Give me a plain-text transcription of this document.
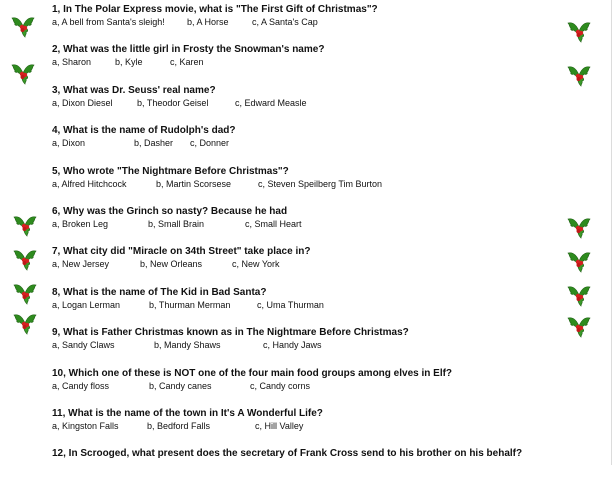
1, In The Polar Express movie, what is "The First Gift of Christmas"?
a, A bell from Santa's sleigh! b, A Horse	c, A Santa's Cap
2, What was the little girl in Frosty the Snowman's name?
a, Sharon	b, Kyle	c, Karen
3, What was Dr. Seuss' real name?
a, Dixon Diesel	b, Theodor Geisel	c, Edward Measle
4, What is the name of Rudolph's dad?
a, Dixon	b, Dasher c, Donner
5, Who wrote "The Nightmare Before Christmas"?
a, Alfred Hitchcock	b, Martin Scorsese	c, Steven Speilberg Tim Burton
6, Why was the Grinch so nasty? Because he had
a, Broken Leg	b, Small Brain	c, Small Heart
7, What city did "Miracle on 34th Street" take place in?
a, New Jersey	b, New Orleans	c, New York
8, What is the name of The Kid in Bad Santa?
a, Logan Lerman	b, Thurman Merman	c, Uma Thurman
9, What is Father Christmas known as in The Nightmare Before Christmas?
a, Sandy Claws	b, Mandy Shaws	c, Handy Jaws
10, Which one of these is NOT one of the four main food groups among elves in Elf?
a, Candy floss	b, Candy canes	c, Candy corns
11, What is the name of the town in It's A Wonderful Life?
a, Kingston Falls	b, Bedford Falls	c, Hill Valley
12, In Scrooged, what present does the secretary of Frank Cross send to his brother on his behalf?
